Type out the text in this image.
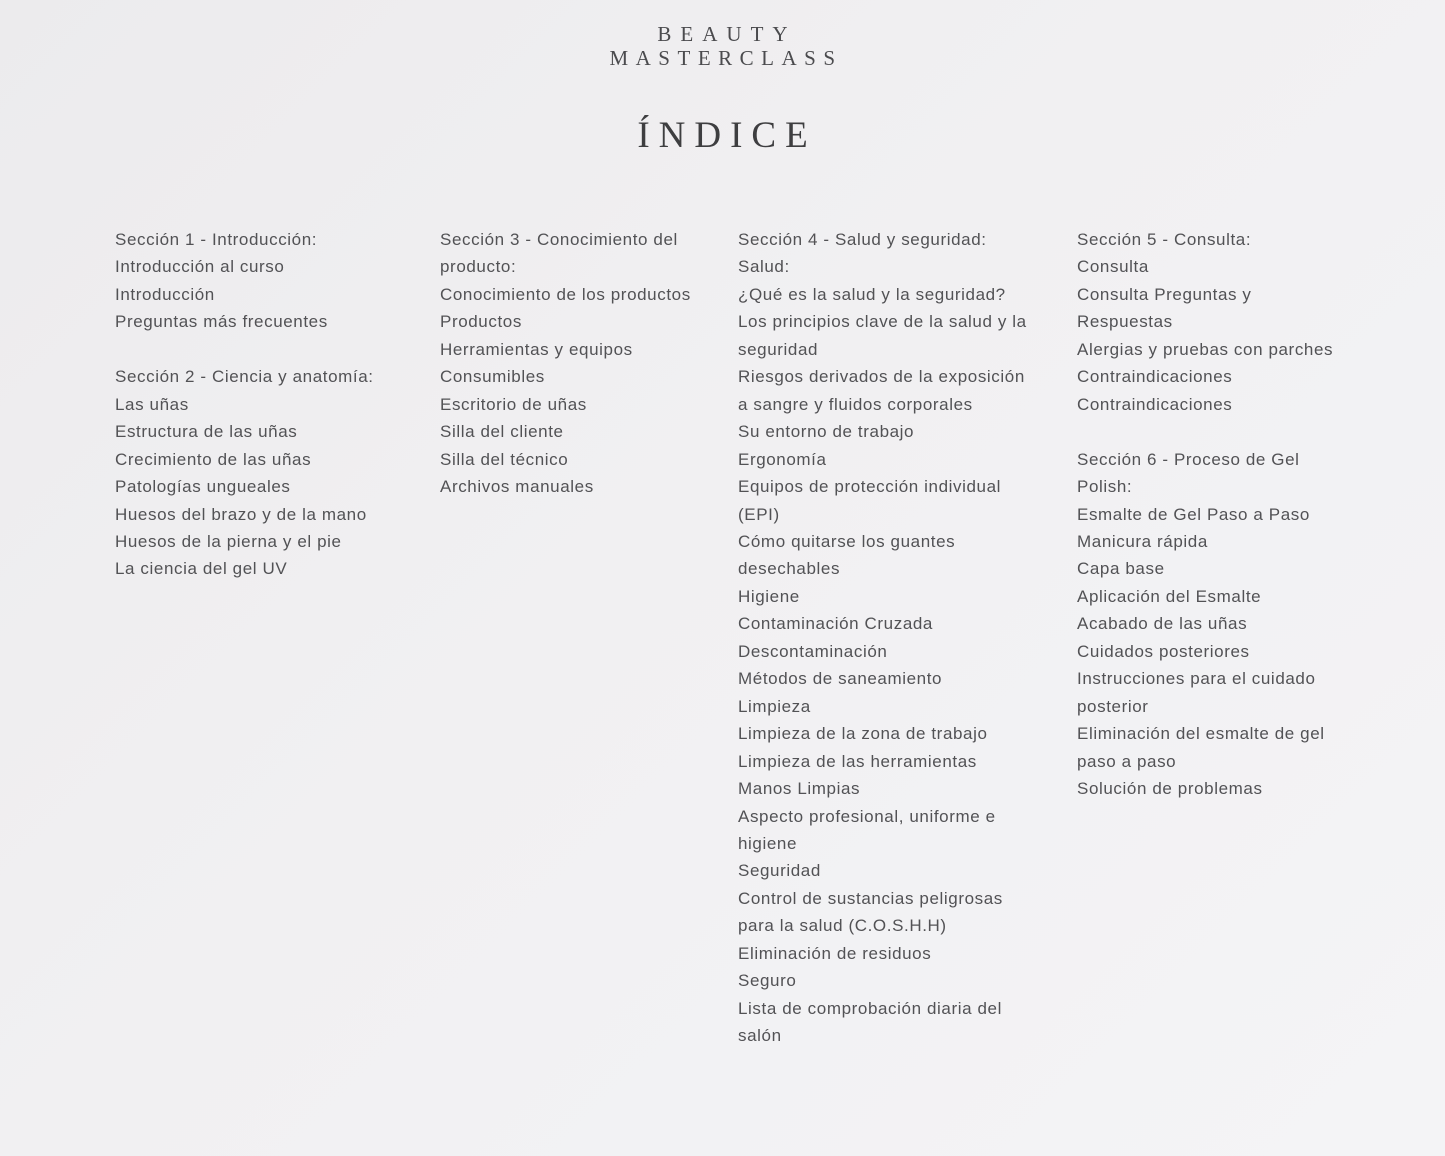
BEAUTY
MASTERCLASS
ÍNDICE
Sección 1 - Introducción:
Introducción al curso
Introducción
Preguntas más frecuentes
Sección 2 - Ciencia y anatomía:
Las uñas
Estructura de las uñas
Crecimiento de las uñas
Patologías ungueales
Huesos del brazo y de la mano
Huesos de la pierna y el pie
La ciencia del gel UV
Sección 3 - Conocimiento del producto:
Conocimiento de los productos
Productos
Herramientas y equipos
Consumibles
Escritorio de uñas
Silla del cliente
Silla del técnico
Archivos manuales
Sección 4 - Salud y seguridad:
Salud:
¿Qué es la salud y la seguridad?
Los principios clave de la salud y la seguridad
Riesgos derivados de la exposición a sangre y fluidos corporales
Su entorno de trabajo
Ergonomía
Equipos de protección individual (EPI)
Cómo quitarse los guantes desechables
Higiene
Contaminación Cruzada
Descontaminación
Métodos de saneamiento
Limpieza
Limpieza de la zona de trabajo
Limpieza de las herramientas
Manos Limpias
Aspecto profesional, uniforme e higiene
Seguridad
Control de sustancias peligrosas para la salud (C.O.S.H.H)
Eliminación de residuos
Seguro
Lista de comprobación diaria del salón
Sección 5 - Consulta:
Consulta
Consulta Preguntas y Respuestas
Alergias y pruebas con parches
Contraindicaciones
Contraindicaciones
Sección 6 - Proceso de Gel Polish:
Esmalte de Gel Paso a Paso
Manicura rápida
Capa base
Aplicación del Esmalte
Acabado de las uñas
Cuidados posteriores
Instrucciones para el cuidado posterior
Eliminación del esmalte de gel paso a paso
Solución de problemas
